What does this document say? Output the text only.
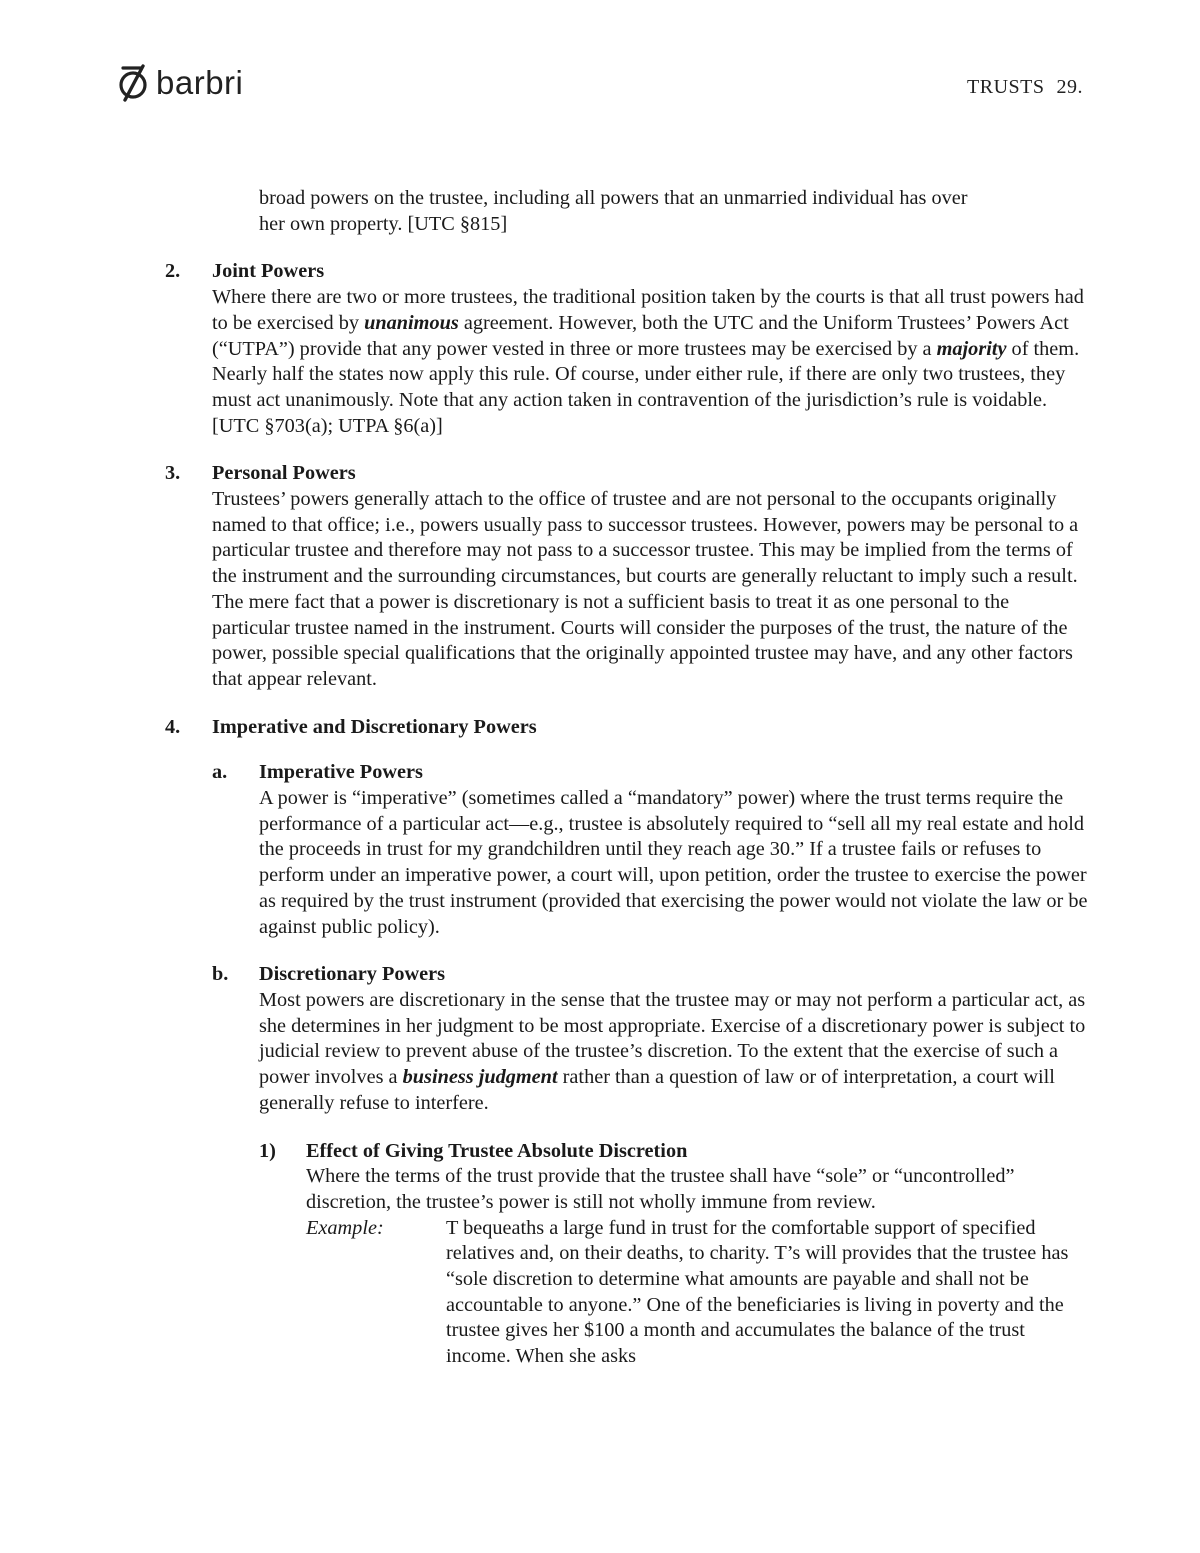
barbri	TRUSTS 29.

broad powers on the trustee, including all powers that an unmarried individual has over

her own property. [UTC §815]

2. Joint Powers

Where there are two or more trustees, the traditional position taken by the courts is that all trust powers had to be exercised by unanimous agreement. However, both the UTC and the Uniform Trustees’ Powers Act (“UTPA”) provide that any power vested in three or more trustees may be exercised by a majority of them. Nearly half the states now apply this rule. Of course, under either rule, if there are only two trustees, they must act unanimously. Note that any action taken in contravention of the jurisdiction’s rule is voidable. [UTC §703(a); UTPA §6(a)]

3. Personal Powers

Trustees’ powers generally attach to the office of trustee and are not personal to the occupants originally named to that office; i.e., powers usually pass to successor trustees. However, powers may be personal to a particular trustee and therefore may not pass to a successor trustee. This may be implied from the terms of the instrument and the surrounding circumstances, but courts are generally reluctant to imply such a result. The mere fact that a power is discretionary is not a sufficient basis to treat it as one personal to the particular trustee named in the instrument. Courts will consider the purposes of the trust, the nature of the power, possible special qualifications that the originally appointed trustee may have, and any other factors that appear relevant.

4. Imperative and Discretionary Powers
a. Imperative Powers

A power is “imperative” (sometimes called a “mandatory” power) where the trust terms require the performance of a particular act—e.g., trustee is absolutely required to “sell all my real estate and hold the proceeds in trust for my grandchildren until they reach age 30.” If a trustee fails or refuses to perform under an imperative power, a court will, upon petition, order the trustee to exercise the power as required by the trust instrument (provided that exercising the power would not violate the law or be against public policy).

b. Discretionary Powers

Most powers are discretionary in the sense that the trustee may or may not perform a particular act, as she determines in her judgment to be most appropriate. Exercise of a discretionary power is subject to judicial review to prevent abuse of the trustee’s discretion. To the extent that the exercise of such a power involves a business judgment rather than a question of law or of interpretation, a court will generally refuse to interfere.

1) Effect of Giving Trustee Absolute Discretion

Where the terms of the trust provide that the trustee shall have “sole” or “uncontrolled” discretion, the trustee’s power is still not wholly immune from review.

Example:	T bequeaths a large fund in trust for the comfortable support of specified relatives and, on their deaths, to charity. T’s will provides that the trustee has “sole discretion to determine what amounts are payable and shall not be accountable to anyone.” One of the beneficiaries is living in poverty and the trustee gives her $100 a month and accumulates the balance of the trust income. When she asks
